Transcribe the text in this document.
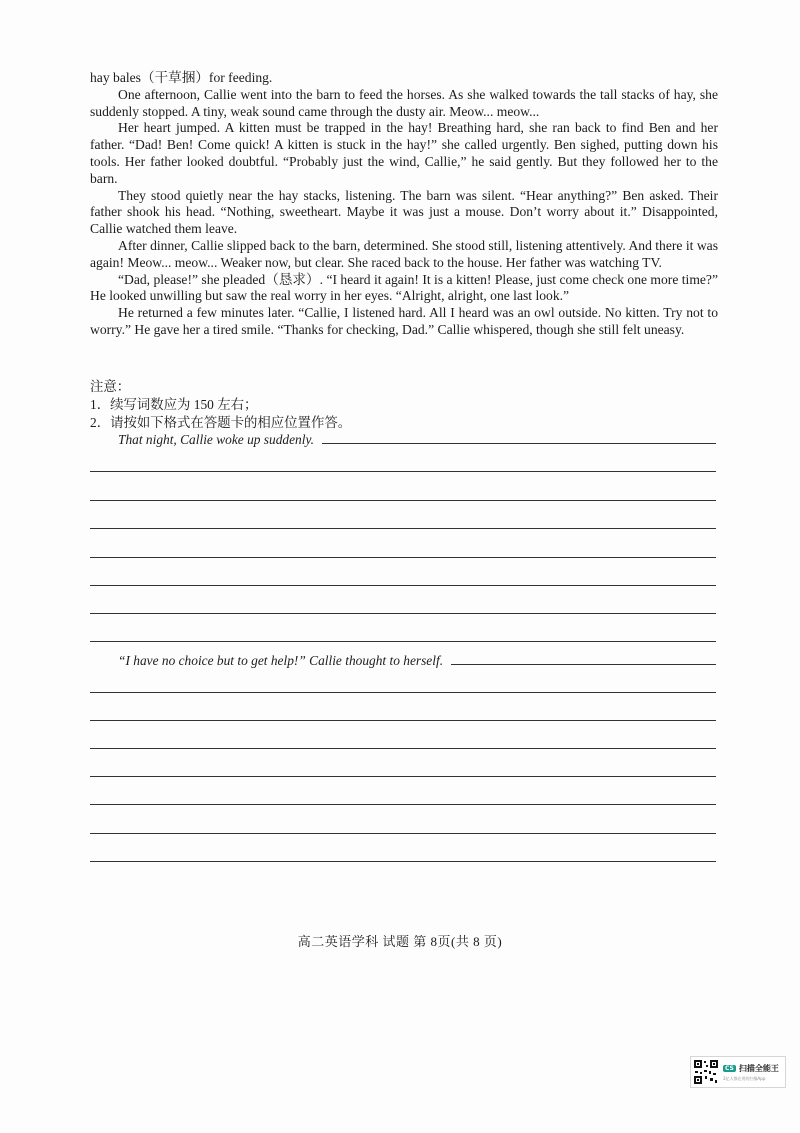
hay bales（干草捆）for feeding.

One afternoon, Callie went into the barn to feed the horses. As she walked towards the tall stacks of hay, she suddenly stopped. A tiny, weak sound came through the dusty air. Meow... meow...

Her heart jumped. A kitten must be trapped in the hay! Breathing hard, she ran back to find Ben and her father. “Dad! Ben! Come quick! A kitten is stuck in the hay!” she called urgently. Ben sighed, putting down his tools. Her father looked doubtful. “Probably just the wind, Callie,” he said gently. But they followed her to the barn.

They stood quietly near the hay stacks, listening. The barn was silent. “Hear anything?” Ben asked. Their father shook his head. “Nothing, sweetheart. Maybe it was just a mouse. Don’t worry about it.” Disappointed, Callie watched them leave.

After dinner, Callie slipped back to the barn, determined. She stood still, listening attentively. And there it was again! Meow... meow... Weaker now, but clear. She raced back to the house. Her father was watching TV.

“Dad, please!” she pleaded（恳求）. “I heard it again! It is a kitten! Please, just come check one more time?” He looked unwilling but saw the real worry in her eyes. “Alright, alright, one last look.”

He returned a few minutes later. “Callie, I listened hard. All I heard was an owl outside. No kitten. Try not to worry.” He gave her a tired smile. “Thanks for checking, Dad.” Callie whispered, though she still felt uneasy.

注意：
1．续写词数应为 150 左右；
2．请按如下格式在答题卡的相应位置作答。
That night, Callie woke up suddenly.
“I have no choice but to get help!” Callie thought to herself.
高二英语学科 试题 第 8页(共 8 页)
CS 扫描全能王
3亿人都在用的扫描App
